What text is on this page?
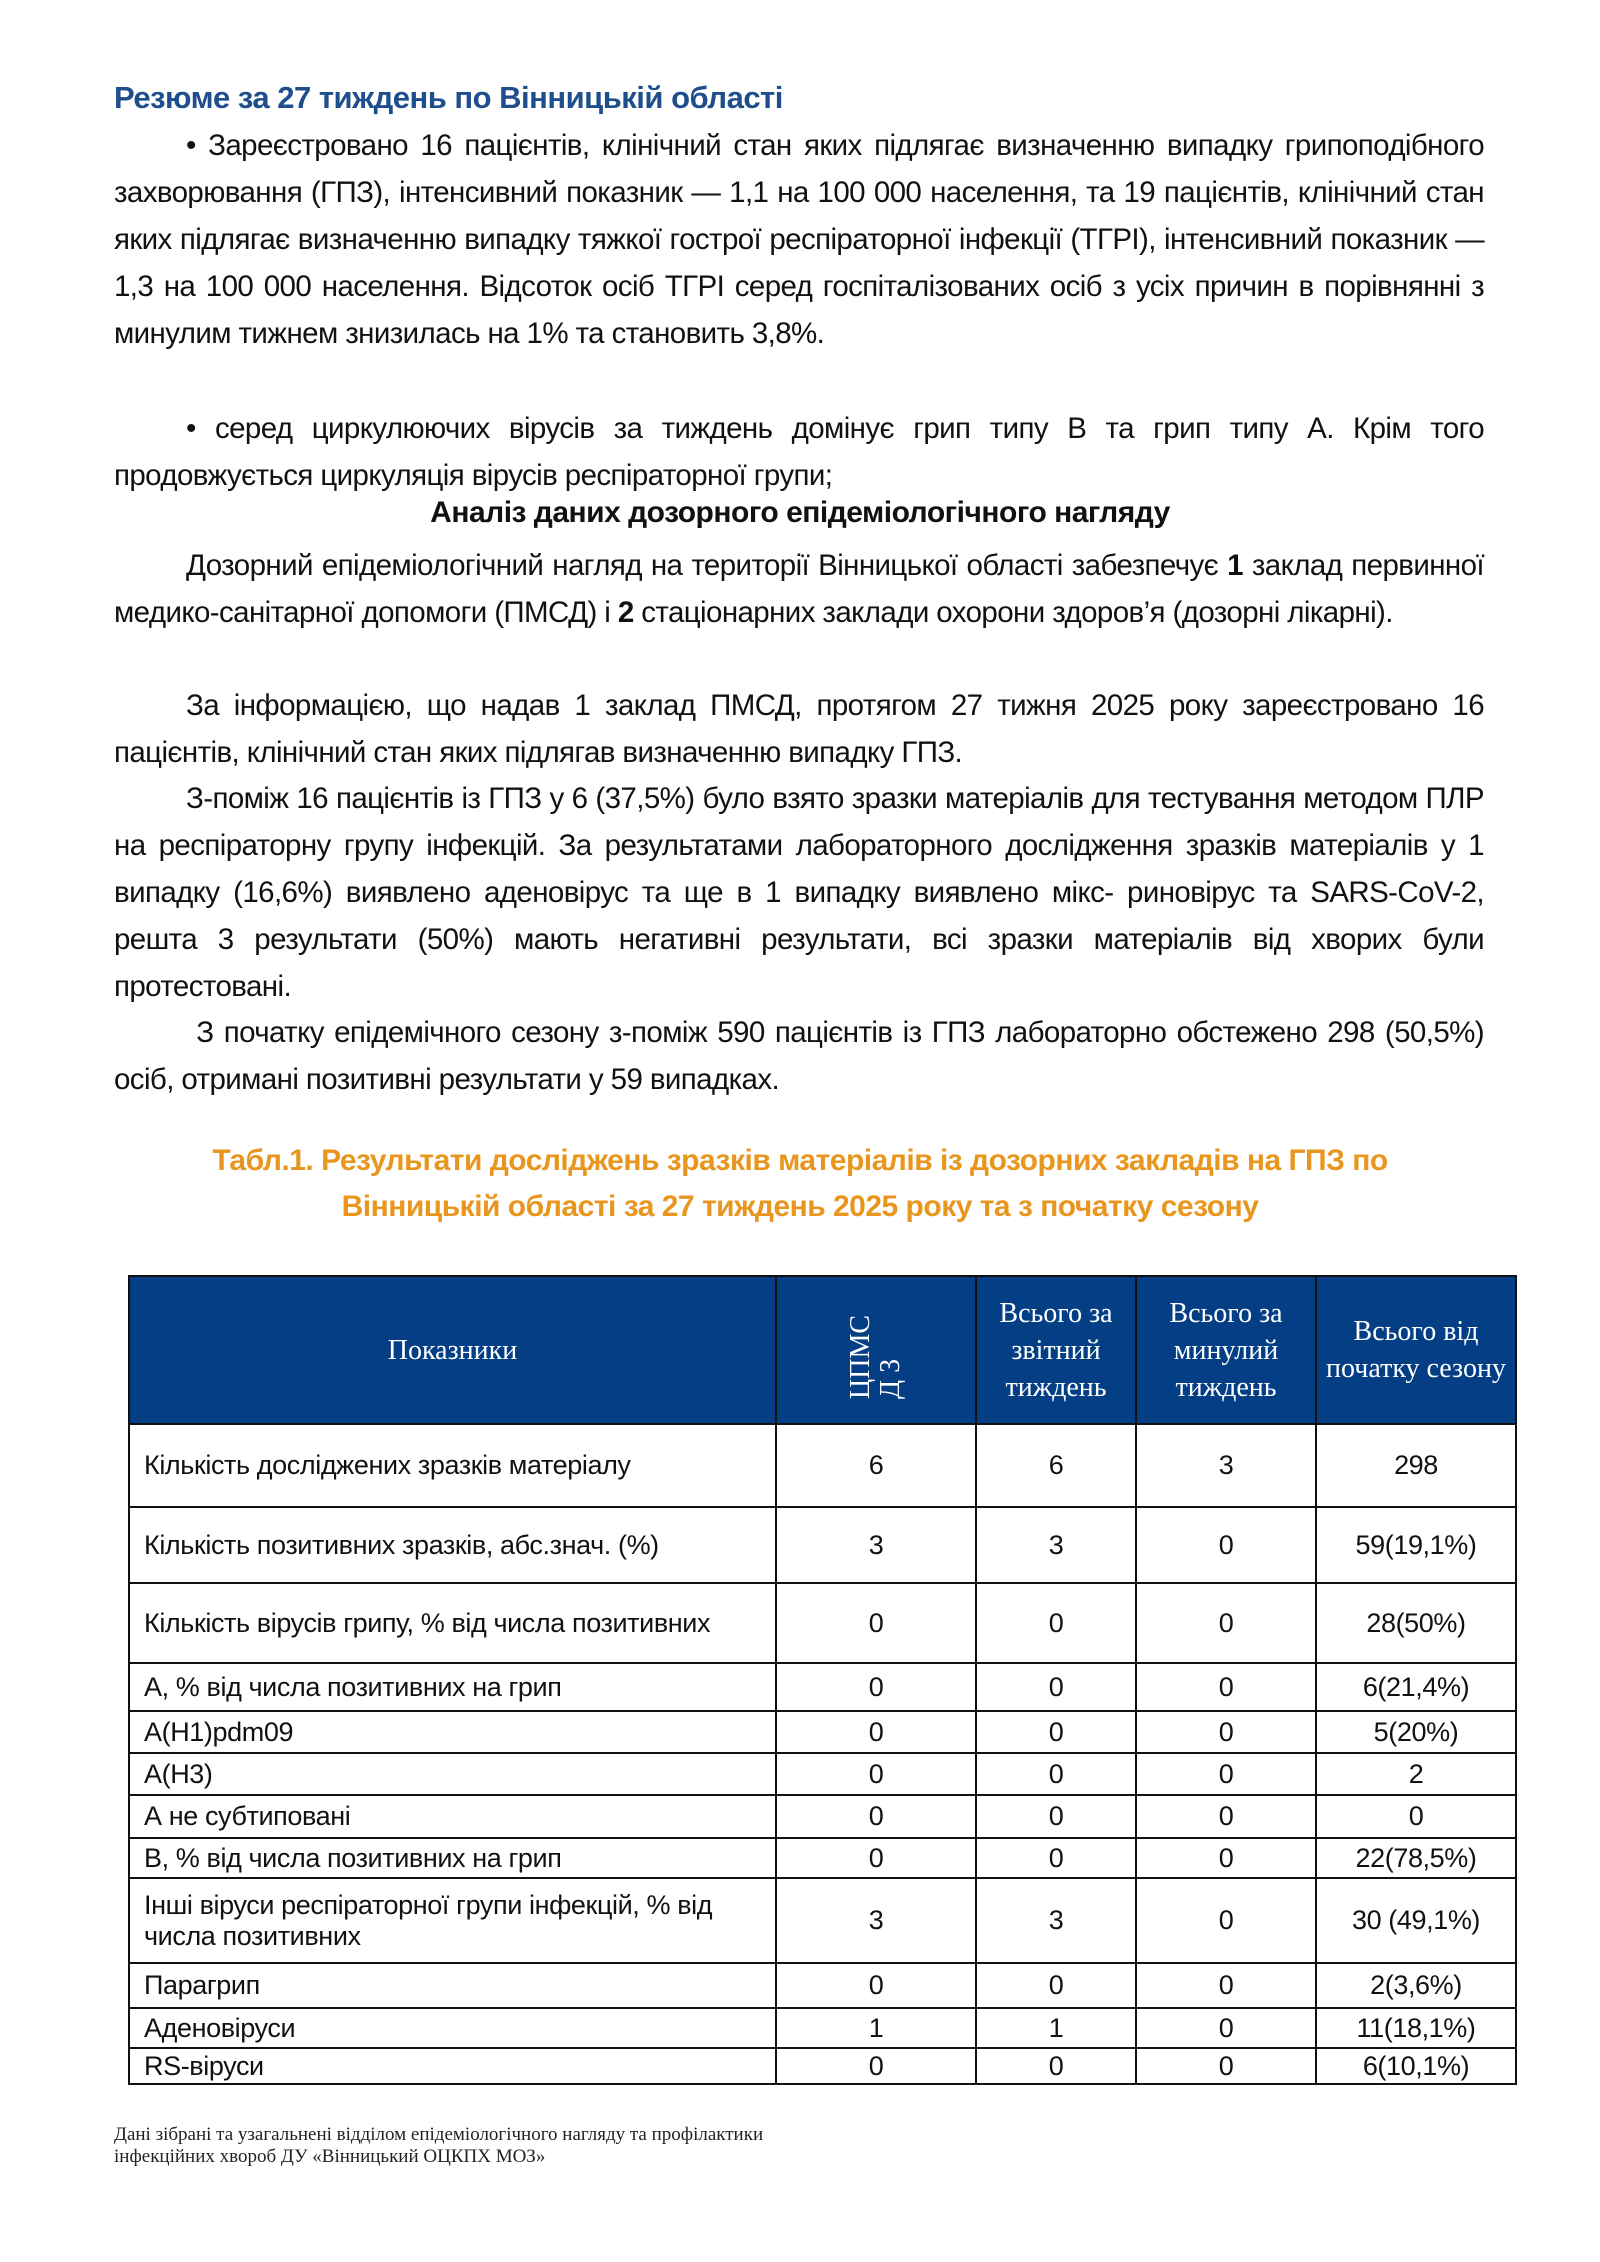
Резюме за 27 тиждень по Вінницькій області
• Зареєстровано 16 пацієнтів, клінічний стан яких підлягає визначенню випадку грипоподібного захворювання (ГПЗ), інтенсивний показник — 1,1 на 100 000 населення, та 19 пацієнтів, клінічний стан яких підлягає визначенню випадку тяжкої гострої респіраторної інфекції (ТГРІ), інтенсивний показник — 1,3 на 100 000 населення. Відсоток осіб ТГРІ серед госпіталізованих осіб з усіх причин в порівнянні з минулим тижнем знизилась на 1% та становить 3,8%.
• серед циркулюючих вірусів за тиждень домінує грип типу В та грип типу А. Крім того продовжується циркуляція вірусів респіраторної групи;
Аналіз даних дозорного епідеміологічного нагляду
Дозорний епідеміологічний нагляд на території Вінницької області забезпечує 1 заклад первинної медико-санітарної допомоги (ПМСД) і 2 стаціонарних заклади охорони здоров’я (дозорні лікарні).
За інформацією, що надав 1 заклад ПМСД, протягом 27 тижня 2025 року зареєстровано 16 пацієнтів, клінічний стан яких підлягав визначенню випадку ГПЗ.
З-поміж 16 пацієнтів із ГПЗ у 6 (37,5%) було взято зразки матеріалів для тестування методом ПЛР на респіраторну групу інфекцій. За результатами лабораторного дослідження зразків матеріалів у 1 випадку (16,6%) виявлено аденовірус та ще в 1 випадку виявлено мікс- риновірус та SARS-CoV-2, решта 3 результати (50%) мають негативні результати, всі зразки матеріалів від хворих були протестовані.
З початку епідемічного сезону з-поміж 590 пацієнтів із ГПЗ лабораторно обстежено 298 (50,5%) осіб, отримані позитивні результати у 59 випадках.
Табл.1. Результати досліджень зразків матеріалів із дозорних закладів на ГПЗ по
Вінницькій області за 27 тиждень 2025 року та з початку сезону
Показники	ЦПМС Д 3	Всього за звітний тиждень	Всього за минулий тиждень	Всього від початку сезону
Кількість досліджених зразків матеріалу	6	6	3	298
Кількість позитивних зразків, абс.знач. (%)	3	3	0	59(19,1%)
Кількість вірусів грипу, % від числа позитивних	0	0	0	28(50%)
А, % від числа позитивних на грип	0	0	0	6(21,4%)
A(H1)pdm09	0	0	0	5(20%)
A(H3)	0	0	0	2
А не субтиповані	0	0	0	0
В, % від числа позитивних на грип	0	0	0	22(78,5%)
Інші віруси респіраторної групи інфекцій, % від числа позитивних	3	3	0	30 (49,1%)
Парагрип	0	0	0	2(3,6%)
Аденовіруси	1	1	0	11(18,1%)
RS-віруси	0	0	0	6(10,1%)
Дані зібрані та узагальнені відділом епідеміологічного нагляду та профілактики
інфекційних хвороб ДУ «Вінницький ОЦКПХ МОЗ»
